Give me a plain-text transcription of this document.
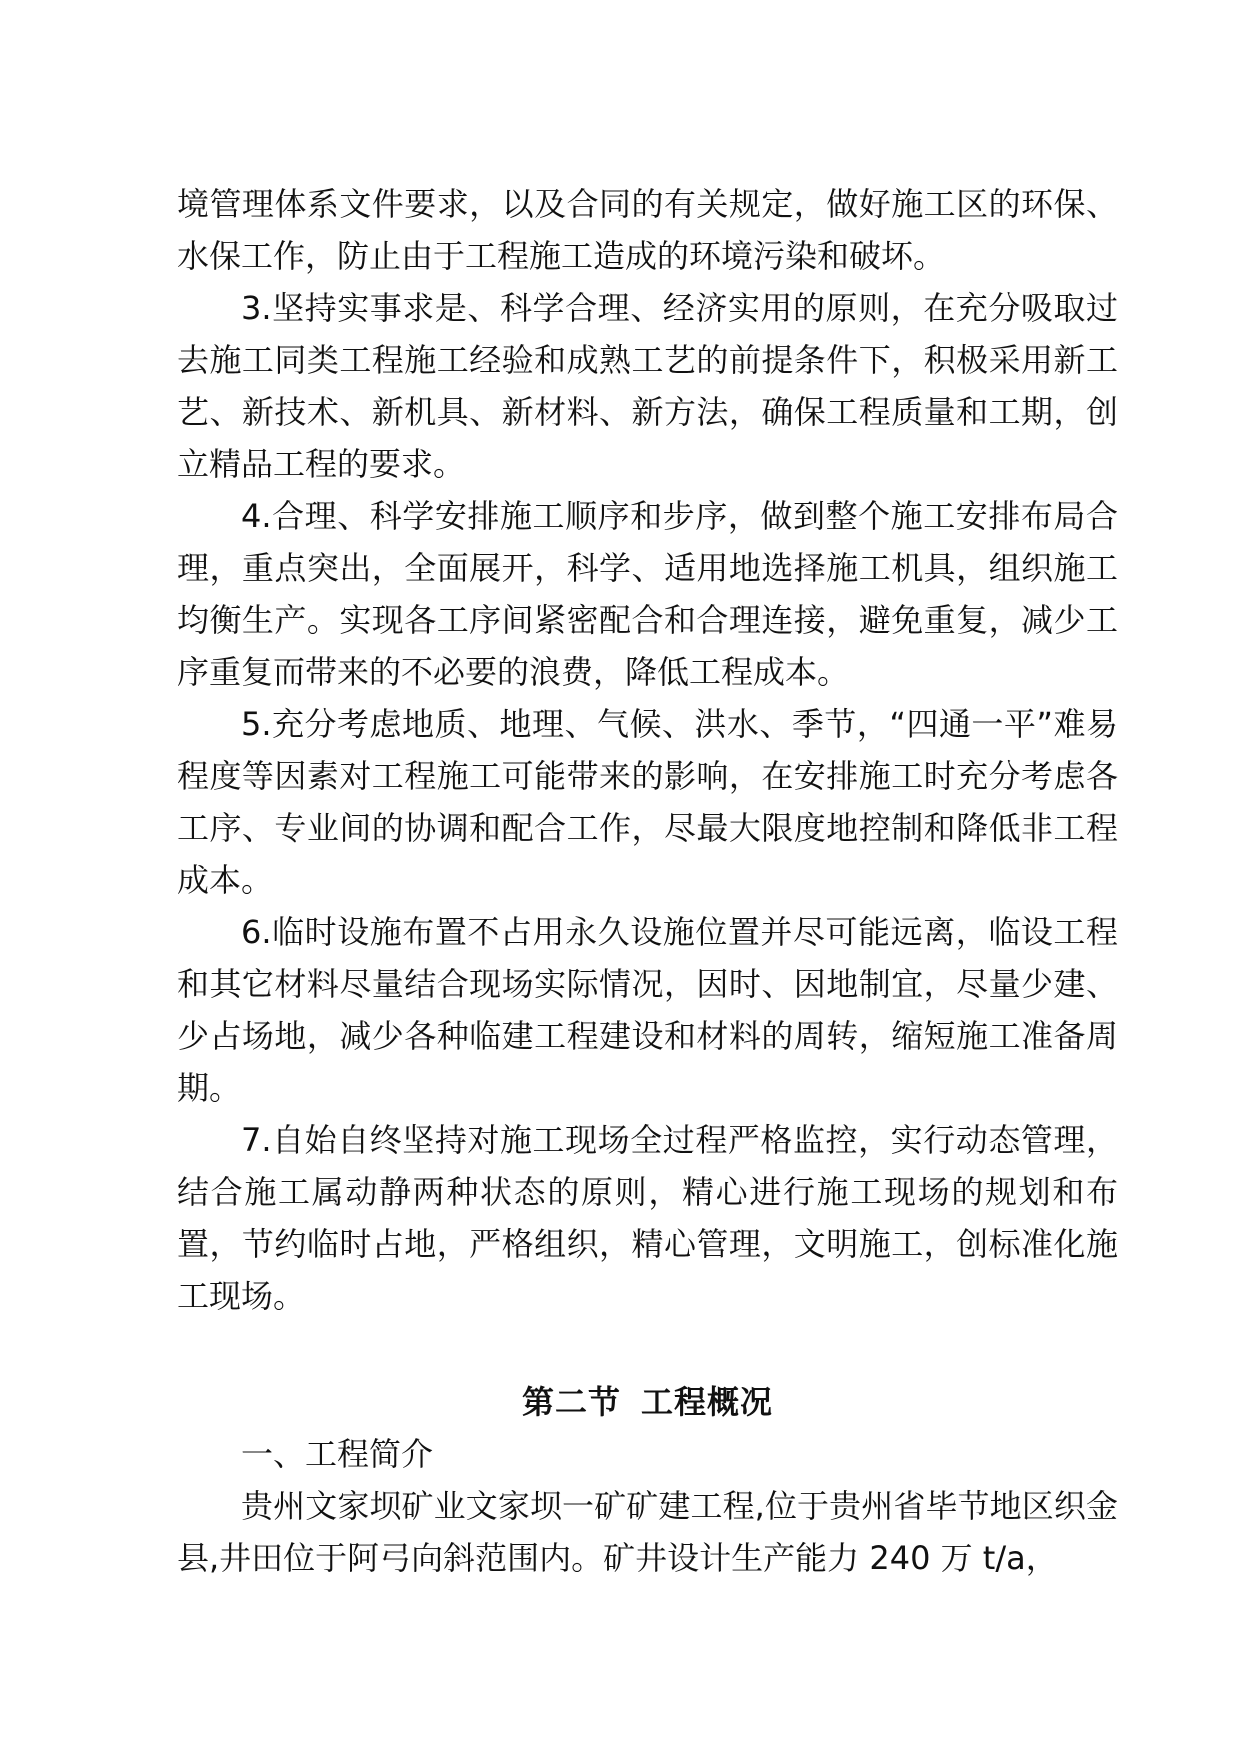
境管理体系文件要求，以及合同的有关规定，做好施工区的环保、水保工作，防止由于工程施工造成的环境污染和破坏。

3.坚持实事求是、科学合理、经济实用的原则，在充分吸取过去施工同类工程施工经验和成熟工艺的前提条件下，积极采用新工艺、新技术、新机具、新材料、新方法，确保工程质量和工期，创立精品工程的要求。

4.合理、科学安排施工顺序和步序，做到整个施工安排布局合理，重点突出，全面展开，科学、适用地选择施工机具，组织施工均衡生产。实现各工序间紧密配合和合理连接，避免重复，减少工序重复而带来的不必要的浪费，降低工程成本。

5.充分考虑地质、地理、气候、洪水、季节，“四通一平”难易程度等因素对工程施工可能带来的影响，在安排施工时充分考虑各工序、专业间的协调和配合工作，尽最大限度地控制和降低非工程成本。

6.临时设施布置不占用永久设施位置并尽可能远离，临设工程和其它材料尽量结合现场实际情况，因时、因地制宜，尽量少建、少占场地，减少各种临建工程建设和材料的周转，缩短施工准备周期。

7.自始自终坚持对施工现场全过程严格监控，实行动态管理，结合施工属动静两种状态的原则，精心进行施工现场的规划和布置，节约临时占地，严格组织，精心管理，文明施工，创标准化施工现场。

第二节 工程概况

一、工程简介

贵州文家坝矿业文家坝一矿矿建工程,位于贵州省毕节地区织金县,井田位于阿弓向斜范围内。矿井设计生产能力 240 万 t/a，
